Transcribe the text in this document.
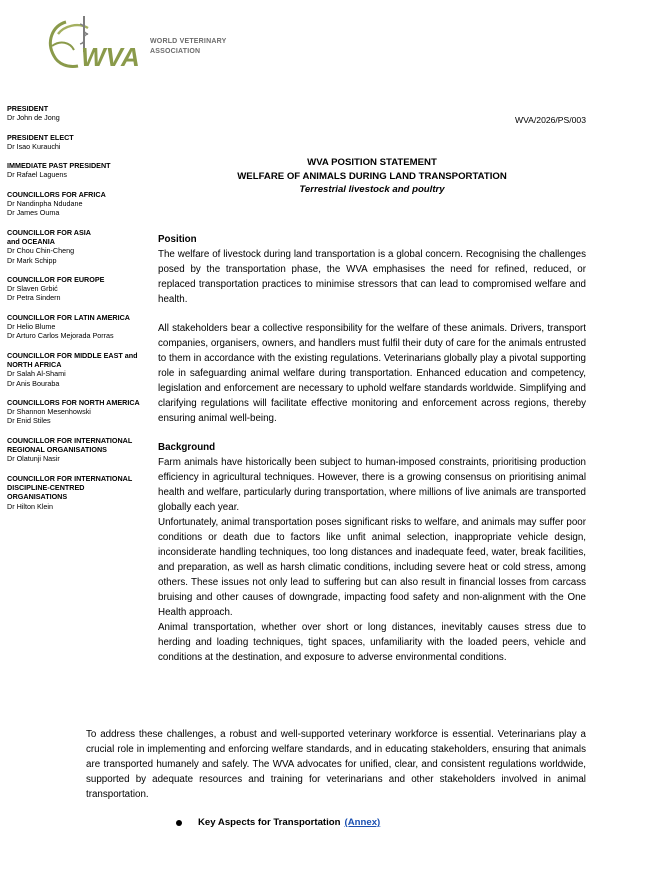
WVA
WORLD VETERINARY
ASSOCIATION
PRESIDENT
Dr John de Jong
PRESIDENT ELECT
Dr Isao Kurauchi
IMMEDIATE PAST PRESIDENT
Dr Rafael Laguens
COUNCILLORS FOR AFRICA
Dr Nandinpha Ndudane
Dr James Ouma
COUNCILLOR FOR ASIA
and OCEANIA
Dr Chou Chin-Cheng
Dr Mark Schipp
COUNCILLOR FOR EUROPE
Dr Slaven Grbić
Dr Petra Sindern
COUNCILLOR FOR LATIN AMERICA
Dr Helio Blume
Dr Arturo Carlos Mejorada Porras
COUNCILLOR FOR MIDDLE EAST and
NORTH AFRICA
Dr Salah Al-Shami
Dr Anis Bouraba
COUNCILLORS FOR NORTH AMERICA
Dr Shannon Mesenhowski
Dr Enid Stiles
COUNCILLOR FOR INTERNATIONAL
REGIONAL ORGANISATIONS
Dr Olatunji Nasir
COUNCILLOR FOR INTERNATIONAL
DISCIPLINE-CENTRED
ORGANISATIONS
Dr Hilton Klein
WVA/2026/PS/003
WVA POSITION STATEMENT
WELFARE OF ANIMALS DURING LAND TRANSPORTATION
Terrestrial livestock and poultry
Position

The welfare of livestock during land transportation is a global concern. Recognising the challenges posed by the transportation phase, the WVA emphasises the need for refined, reduced, or replaced transportation practices to minimise stressors that can lead to compromised welfare and health.

All stakeholders bear a collective responsibility for the welfare of these animals. Drivers, transport companies, organisers, owners, and handlers must fulfil their duty of care for the animals entrusted to them in accordance with the existing regulations. Veterinarians globally play a pivotal supporting role in safeguarding animal welfare during transportation. Enhanced education and competency, legislation and enforcement are necessary to uphold welfare standards worldwide. Simplifying and clarifying regulations will facilitate effective monitoring and enforcement across regions, thereby ensuring animal well-being.

Background

Farm animals have historically been subject to human-imposed constraints, prioritising production efficiency in agricultural techniques. However, there is a growing consensus on prioritising animal health and welfare, particularly during transportation, where millions of live animals are transported globally each year.

Unfortunately, animal transportation poses significant risks to welfare, and animals may suffer poor conditions or death due to factors like unfit animal selection, inappropriate vehicle design, inconsiderate handling techniques, too long distances and inadequate feed, water, break facilities, and preparation, as well as harsh climatic conditions, including severe heat or cold stress, among others. These issues not only lead to suffering but can also result in financial losses from carcass bruising and other causes of downgrade, impacting food safety and non-alignment with the One Health approach.

Animal transportation, whether over short or long distances, inevitably causes stress due to herding and loading techniques, tight spaces, unfamiliarity with the loaded peers, vehicle and conditions at the destination, and exposure to adverse environmental conditions.

To address these challenges, a robust and well-supported veterinary workforce is essential. Veterinarians play a crucial role in implementing and enforcing welfare standards, and in educating stakeholders, ensuring that animals are transported humanely and safely. The WVA advocates for unified, clear, and consistent regulations worldwide, supported by adequate resources and training for veterinarians and other stakeholders involved in animal transportation.

Key Aspects for Transportation (Annex)
